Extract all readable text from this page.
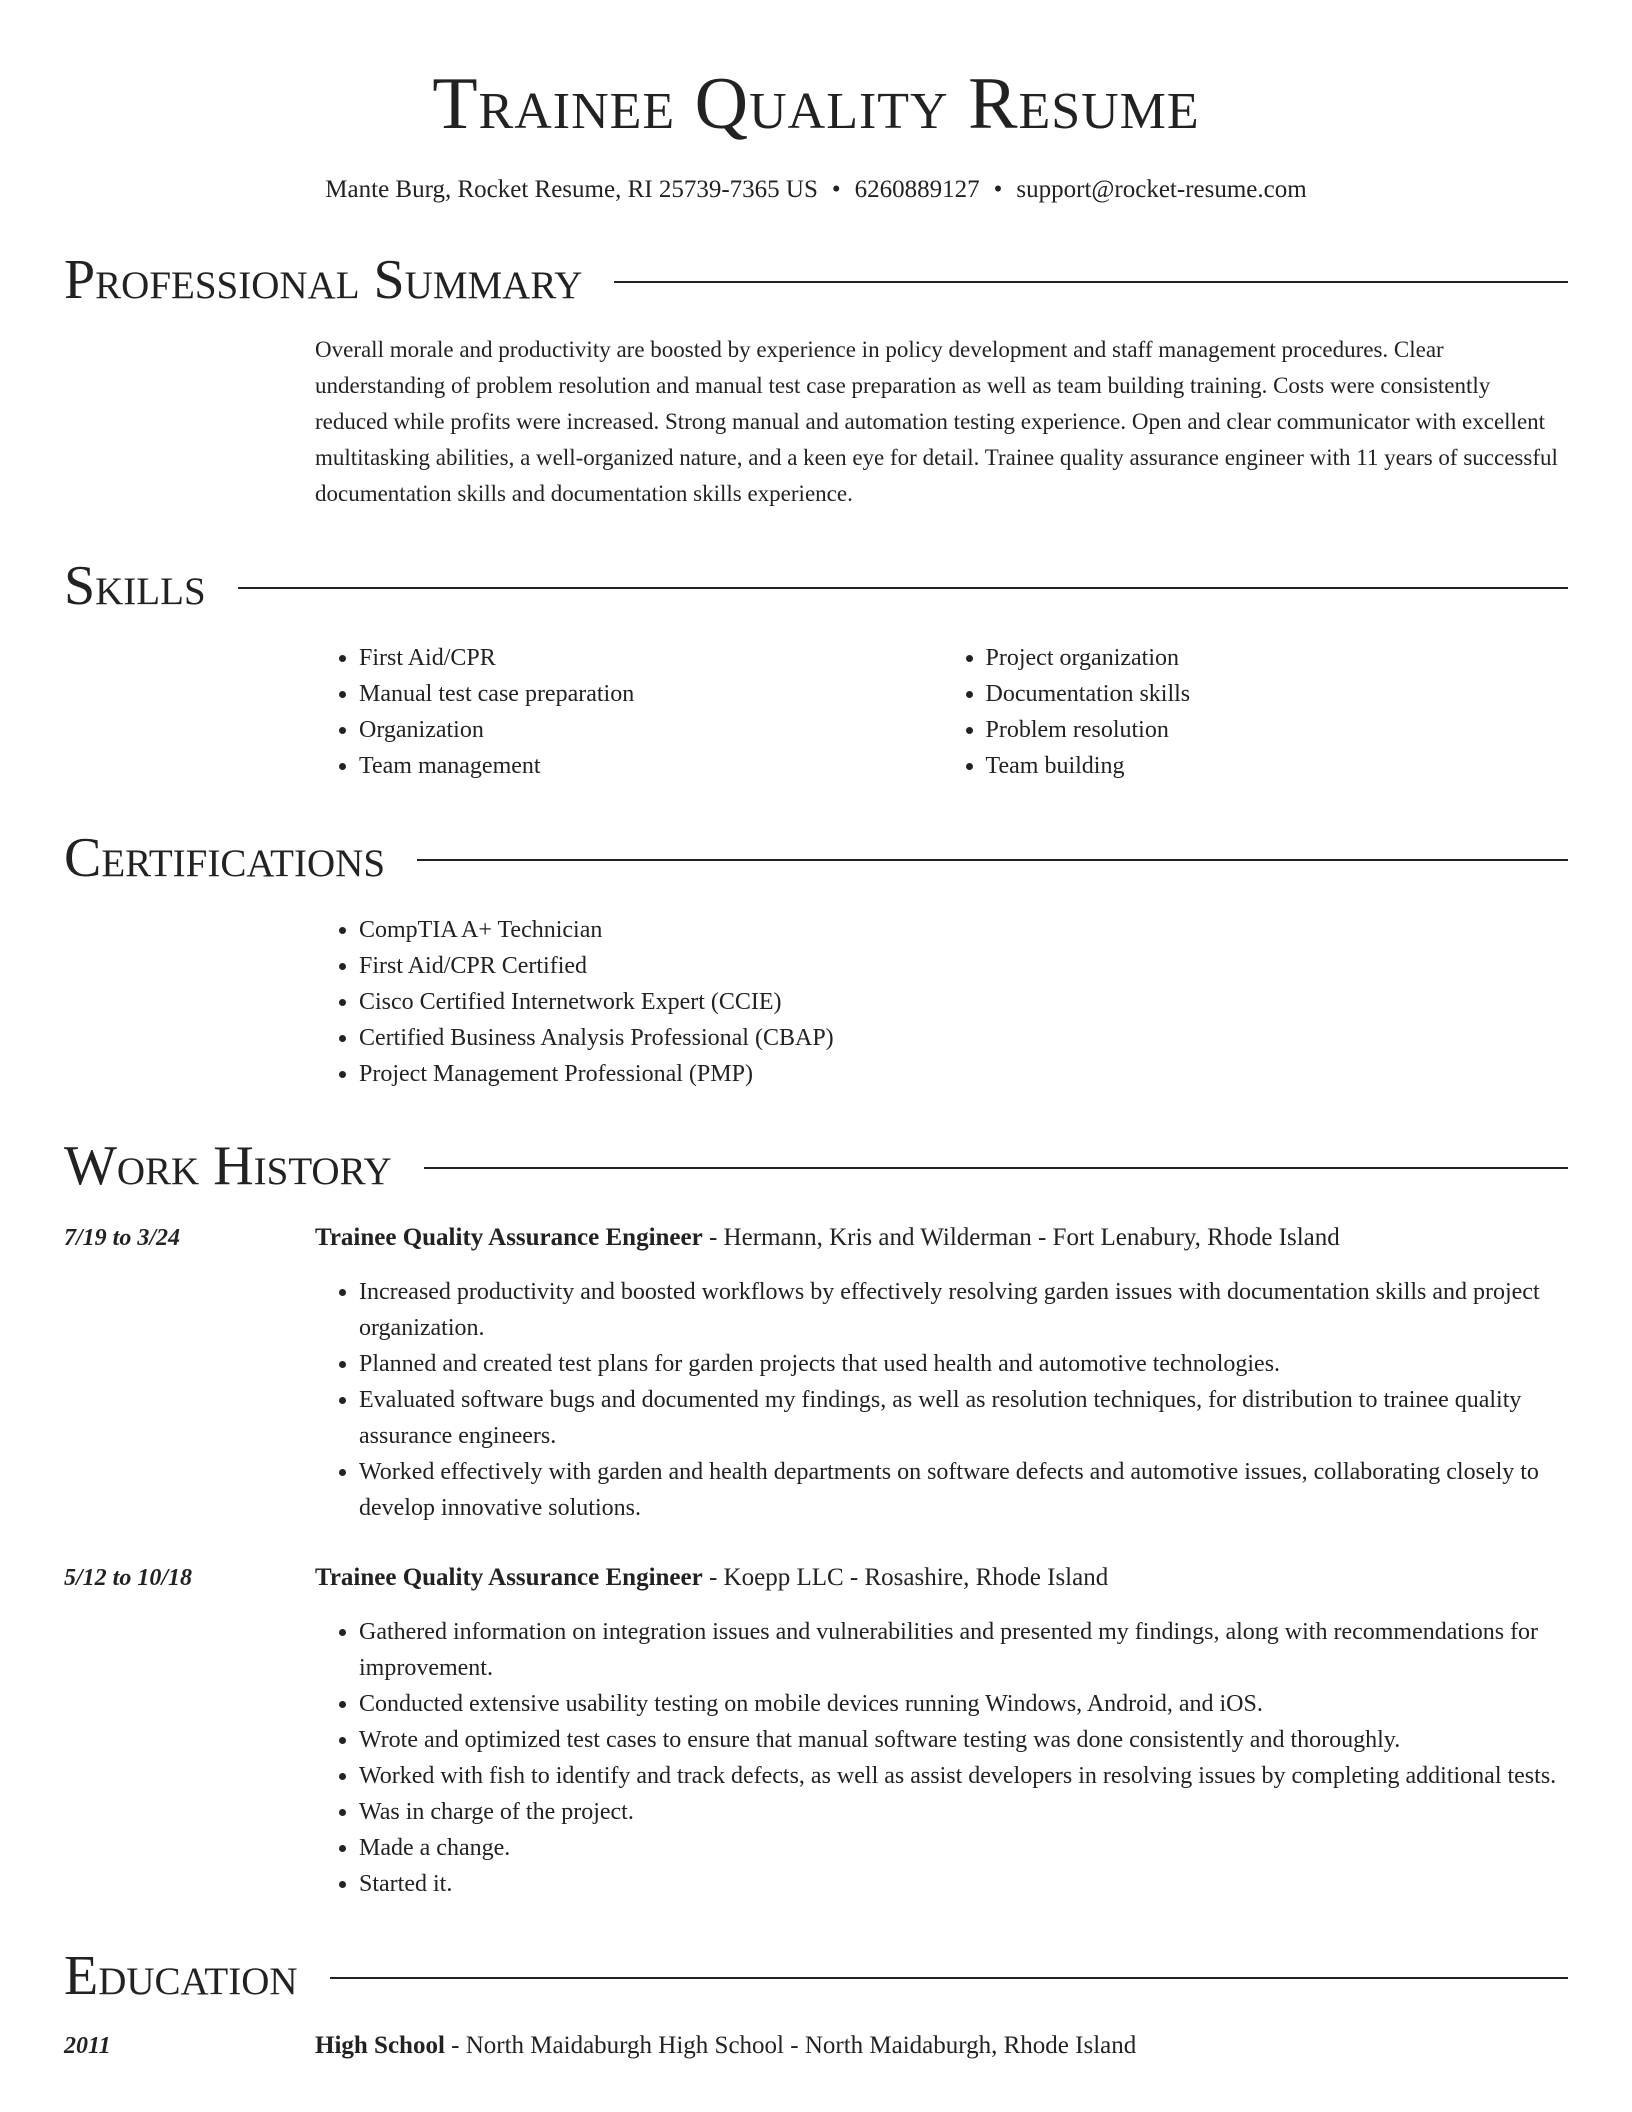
Trainee Quality Resume
Mante Burg, Rocket Resume, RI 25739-7365 US • 6260889127 • support@rocket-resume.com
Professional Summary
Overall morale and productivity are boosted by experience in policy development and staff management procedures. Clear understanding of problem resolution and manual test case preparation as well as team building training. Costs were consistently reduced while profits were increased. Strong manual and automation testing experience. Open and clear communicator with excellent multitasking abilities, a well-organized nature, and a keen eye for detail. Trainee quality assurance engineer with 11 years of successful documentation skills and documentation skills experience.
Skills
• First Aid/CPR
• Manual test case preparation
• Organization
• Team management
• Project organization
• Documentation skills
• Problem resolution
• Team building
Certifications
• CompTIA A+ Technician
• First Aid/CPR Certified
• Cisco Certified Internetwork Expert (CCIE)
• Certified Business Analysis Professional (CBAP)
• Project Management Professional (PMP)
Work History
7/19 to 3/24	Trainee Quality Assurance Engineer - Hermann, Kris and Wilderman - Fort Lenabury, Rhode Island
• Increased productivity and boosted workflows by effectively resolving garden issues with documentation skills and project organization.
• Planned and created test plans for garden projects that used health and automotive technologies.
• Evaluated software bugs and documented my findings, as well as resolution techniques, for distribution to trainee quality assurance engineers.
• Worked effectively with garden and health departments on software defects and automotive issues, collaborating closely to develop innovative solutions.
5/12 to 10/18	Trainee Quality Assurance Engineer - Koepp LLC - Rosashire, Rhode Island
• Gathered information on integration issues and vulnerabilities and presented my findings, along with recommendations for improvement.
• Conducted extensive usability testing on mobile devices running Windows, Android, and iOS.
• Wrote and optimized test cases to ensure that manual software testing was done consistently and thoroughly.
• Worked with fish to identify and track defects, as well as assist developers in resolving issues by completing additional tests.
• Was in charge of the project.
• Made a change.
• Started it.
Education
2011	High School - North Maidaburgh High School - North Maidaburgh, Rhode Island
